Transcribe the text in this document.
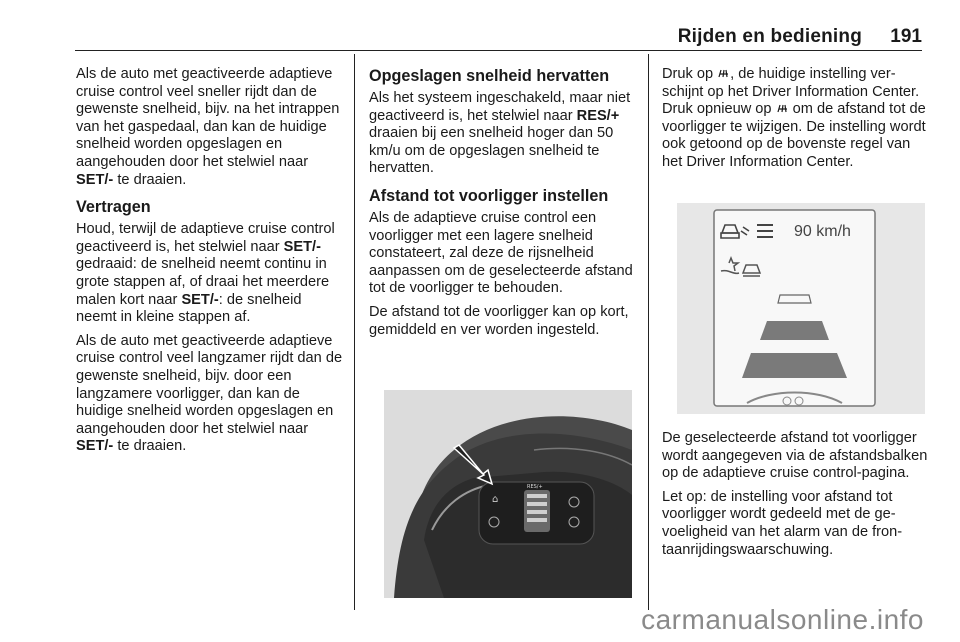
Rijden en bediening 191

Als de auto met geactiveerde adaptieve cruise control veel sneller rijdt dan de gewenste snelheid, bijv. na het intrappen van het gaspedaal, dan kan de huidige snelheid worden opgeslagen en aangehouden door het stelwiel naar SET/- te draaien.

Vertragen

Houd, terwijl de adaptieve cruise control geactiveerd is, het stelwiel naar SET/- gedraaid: de snelheid neemt continu in grote stappen af, of draai het meerdere malen kort naar SET/-: de snelheid neemt in kleine stappen af.

Als de auto met geactiveerde adaptieve cruise control veel langzamer rijdt dan de gewenste snelheid, bijv. door een langzamere voorligger, dan kan de huidige snelheid worden opgeslagen en aangehouden door het stelwiel naar SET/- te draaien.

Opgeslagen snelheid hervatten

Als het systeem ingeschakeld, maar niet geactiveerd is, het stelwiel naar RES/+ draaien bij een snelheid hoger dan 50 km/u om de opgeslagen snelheid te hervatten.

Afstand tot voorligger instellen

Als de adaptieve cruise control een voorligger met een lagere snelheid constateert, zal deze de rijsnelheid aanpassen om de geselecteerde afstand tot de voorligger te behouden.

De afstand tot de voorligger kan op kort, gemiddeld en ver worden ingesteld.

⌂
RES/+

Druk op , de huidige instelling verschijnt op het Driver Information Center. Druk opnieuw op  om de afstand tot de voorligger te wijzigen. De instelling wordt ook getoond op de bovenste regel van het Driver Information Center.

90 km/h

De geselecteerde afstand tot voorligger wordt aangegeven via de afstandsbalken op de adaptieve cruise control-pagina.

Let op: de instelling voor afstand tot voorligger wordt gedeeld met de gevoeligheid van het alarm van de frontaanrijdingswaarschuwing.

carmanualsonline.info
